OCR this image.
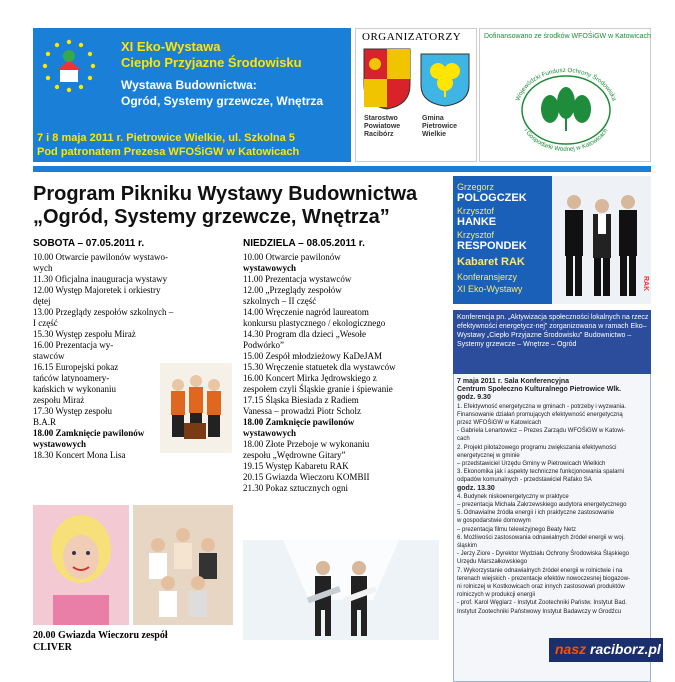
XI Eko-Wystawa
Ciepło Przyjazne Środowisku
Wystawa Budownictwa:
Ogród, Systemy grzewcze, Wnętrza
7 i 8 maja 2011 r. Pietrowice Wielkie, ul. Szkolna 5
Pod patronatem Prezesa WFOŚiGW w Katowicach
ORGANIZATORZY
Starostwo
Powiatowe
Racibórz
Gmina
Pietrowice
Wielkie
Dofinansowano ze środków WFOŚiGW w Katowicach
Wojewódzki Fundusz Ochrony Środowiska
i Gospodarki Wodnej w Katowicach
Program Pikniku Wystawy Budownictwa
„Ogród, Systemy grzewcze, Wnętrza”
SOBOTA – 07.05.2011 r.
10.00 Otwarcie pawilonów wystawo-
wych
11.30 Oficjalna inauguracja wystawy
12.00 Występ Majoretek i orkiestry
dętej
13.00 Przeglądy zespołów szkolnych –
I część
15.30 Występ zespołu Miraż
16.00 Prezentacja wy-
stawców
16.15 Europejski pokaz
tańców latynoamery-
kańskich w wykonaniu
zespołu Miraż
17.30 Występ zespołu
B.A.R
18.00 Zamknięcie pawilonów
wystawowych
18.30 Koncert Mona Lisa
NIEDZIELA – 08.05.2011 r.
10.00 Otwarcie pawilonów
wystawowych
11.00 Prezentacja wystawców
12.00 „Przeglądy zespołów
szkolnych – II część
14.00 Wręczenie nagród laureatom
konkursu plastycznego / ekologicznego
14.30 Program dla dzieci „Wesołe
Podwórko”
15.00 Zespół młodzieżowy KaDeJAM
15.30 Wręczenie statuetek dla wystawców
16.00 Koncert Mirka Jędrowskiego z
zespołem czyli Śląskie granie i śpiewanie
17.15 Śląska Biesiada z Radiem
Vanessa – prowadzi Piotr Scholz
18.00 Zamknięcie pawilonów
wystawowych
18.00 Złote Przeboje w wykonaniu
zespołu „Wędrowne Gitary”
19.15 Występ Kabaretu RAK
20.15 Gwiazda Wieczoru KOMBII
21.30 Pokaz sztucznych ogni
20.00 Gwiazda Wieczoru zespół
CLIVER
Grzegorz
POLOGCZEK
Krzysztof
HANKE
Krzysztof
RESPONDEK
Kabaret RAK
Konferansjerzy
XI Eko-Wystawy	RAK
Konferencja pn. „Aktywizacja społeczności lokalnych na rzecz efektywności energetycz-nej” zorganizowana w ramach Eko–Wystawy „Ciepło Przyjazne Środowisku” Budownictwo – Systemy grzewcze – Wnętrze – Ogród
7 maja 2011 r. Sala Konferencyjna
Centrum Społeczno Kulturalnego Pietrowice Wlk.
godz. 9.30
1. Efektywność energetyczna w gminach - potrzeby i wyzwania.
Finansowanie działań promujących efektywność energetyczną
przez WFOŚiGW w Katowicach
- Gabriela Lenartowicz – Prezes Zarządu WFOŚiGW w Katowi-
cach
2. Projekt pilotażowego programu zwiększania efektywności
energetycznej w gminie
– przedstawiciel Urzędu Gminy w Pietrowicach Wielkich
3. Ekonomika jak i aspekty techniczne funkcjonowania spalarni
odpadów komunalnych - przedstawiciel Rafako SA
godz. 13.30
4. Budynek niskoenergetyczny w praktyce
– prezentacja Michała Zakrzewskiego audytora energetycznego
5. Odnawialne źródła energii i ich praktyczne zastosowanie
w gospodarstwie domowym
– prezentacja filmu telewizyjnego Beaty Netz
6. Możliwości zastosowania odnawialnych źródeł energii w woj.
śląskim
- Jerzy Ziore - Dyrektor Wydziału Ochrony Środowiska Śląskiego
Urzędu Marszałkowskiego
7. Wykorzystanie odnawialnych źródeł energii w rolnictwie i na
terenach wiejskich - prezentacje efektów nowoczesnej biogazow-
ni rolniczej w Kostkowicach oraz innych zastosowań produktów
rolniczych w produkcji energii
- prof. Karol Węglarz - Instytut Zootechniki Państw. Instytut Bad.
Instytut Zootechniki Państwowy Instytut Badawczy w Grodźcu
nasz raciborz.pl
